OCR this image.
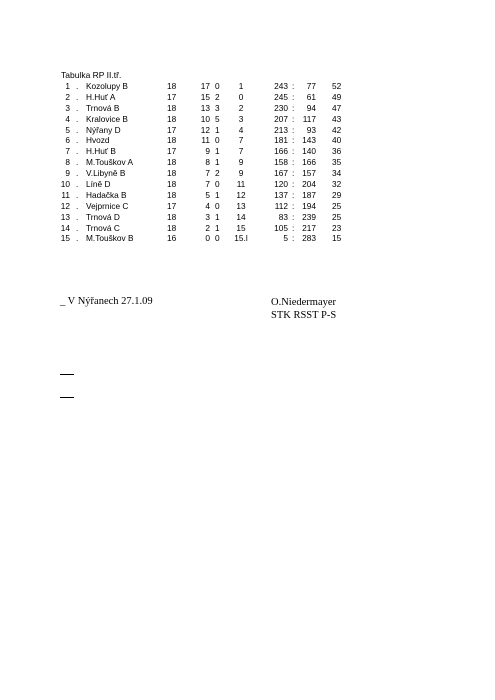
Tabulka RP II.tř.
1 . Kozolupy B	18	17 0	1	243 :	77 52
2 . H.Huť A	17	15 2	0	245 :	61 49
3 . Trnová B	18	13 3	2	230 :	94 47
4 . Kralovice B	18	10 5	3	207 :	117 43
5 . Nýřany D	17	12 1	4	213 :	93 42
6 . Hvozd	18	11 0	7	181 : 143 40
7 . H.Huť B	17	9 1	7	166 : 140 36
8 . M.Touškov A	18	8 1	9	158 : 166 35
9 . V.Libyně B	18	7 2	9	167 : 157 34
10 . Líně D	18	7 0	11	120 : 204 32
11 . Hadačka B	18	5 1 12	137 : 187 29
12 . Vejprnice C	17	4 0 13	112 : 194 25
13 . Trnová D	18	3 1 14	83 : 239 25
14 . Trnová C	18	2 1 15	105 : 217 23
15 . M.Touškov B	16	0 0 15.l	5 : 283 15
_ V Nýřanech 27.1.09	O.Niedermayer
STK RSST P-S
